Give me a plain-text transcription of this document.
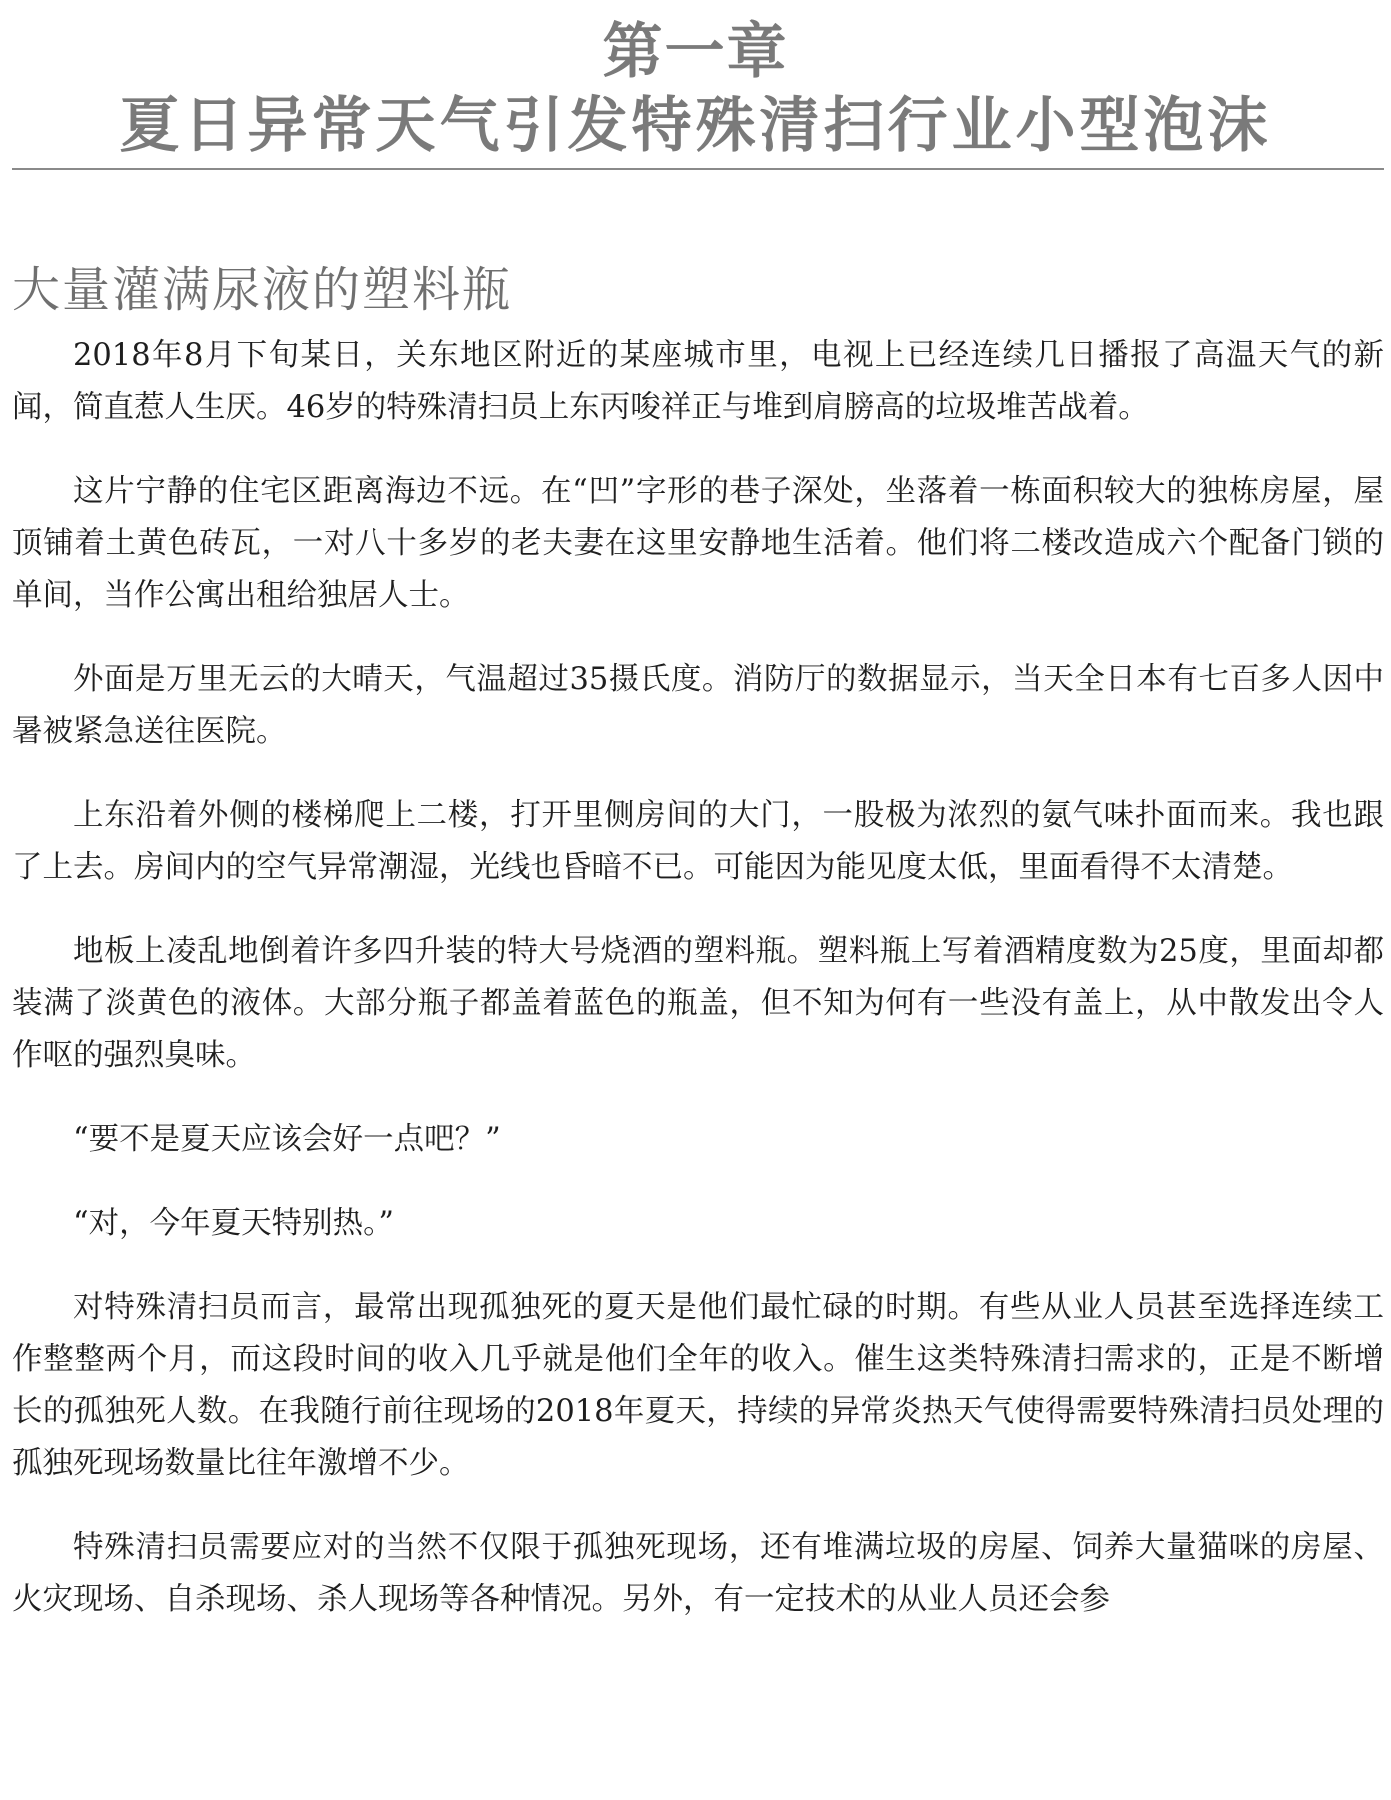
第一章
夏日异常天气引发特殊清扫行业小型泡沫
大量灌满尿液的塑料瓶

2018年8月下旬某日，关东地区附近的某座城市里，电视上已经连续几日播报了高温天气的新闻，简直惹人生厌。46岁的特殊清扫员上东丙唆祥正与堆到肩膀高的垃圾堆苦战着。

这片宁静的住宅区距离海边不远。在“凹”字形的巷子深处，坐落着一栋面积较大的独栋房屋，屋顶铺着土黄色砖瓦，一对八十多岁的老夫妻在这里安静地生活着。他们将二楼改造成六个配备门锁的单间，当作公寓出租给独居人士。

外面是万里无云的大晴天，气温超过35摄氏度。消防厅的数据显示，当天全日本有七百多人因中暑被紧急送往医院。

上东沿着外侧的楼梯爬上二楼，打开里侧房间的大门，一股极为浓烈的氨气味扑面而来。我也跟了上去。房间内的空气异常潮湿，光线也昏暗不已。可能因为能见度太低，里面看得不太清楚。

地板上凌乱地倒着许多四升装的特大号烧酒的塑料瓶。塑料瓶上写着酒精度数为25度，里面却都装满了淡黄色的液体。大部分瓶子都盖着蓝色的瓶盖，但不知为何有一些没有盖上，从中散发出令人作呕的强烈臭味。

“要不是夏天应该会好一点吧？”

“对，今年夏天特别热。”

对特殊清扫员而言，最常出现孤独死的夏天是他们最忙碌的时期。有些从业人员甚至选择连续工作整整两个月，而这段时间的收入几乎就是他们全年的收入。催生这类特殊清扫需求的，正是不断增长的孤独死人数。在我随行前往现场的2018年夏天，持续的异常炎热天气使得需要特殊清扫员处理的孤独死现场数量比往年激增不少。

特殊清扫员需要应对的当然不仅限于孤独死现场，还有堆满垃圾的房屋、饲养大量猫咪的房屋、火灾现场、自杀现场、杀人现场等各种情况。另外，有一定技术的从业人员还会参
